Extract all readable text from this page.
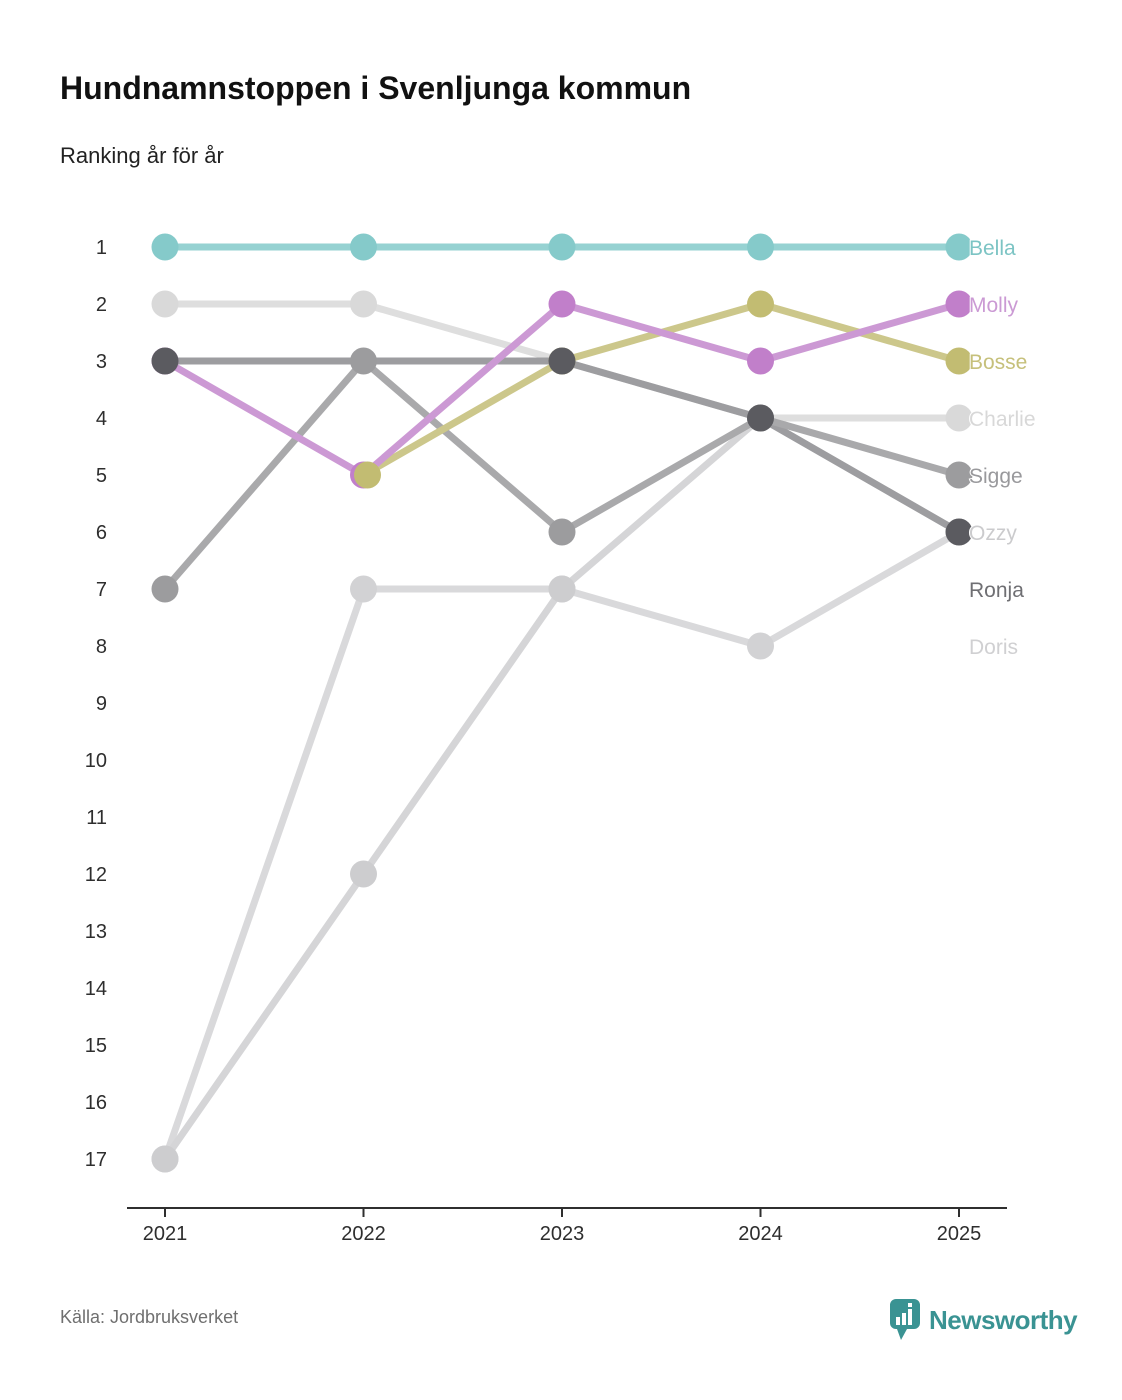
Hundnamnstoppen i Svenljunga kommun
Ranking år för år
1
2
3
4
5
6
7
8
9
10
11
12
13
14
15
16
17
2021	2022	2023	2024	2025
Bella
Molly
Bosse
Charlie
Sigge
Ozzy
Ronja
Doris
Källa: Jordbruksverket	Newsworthy
